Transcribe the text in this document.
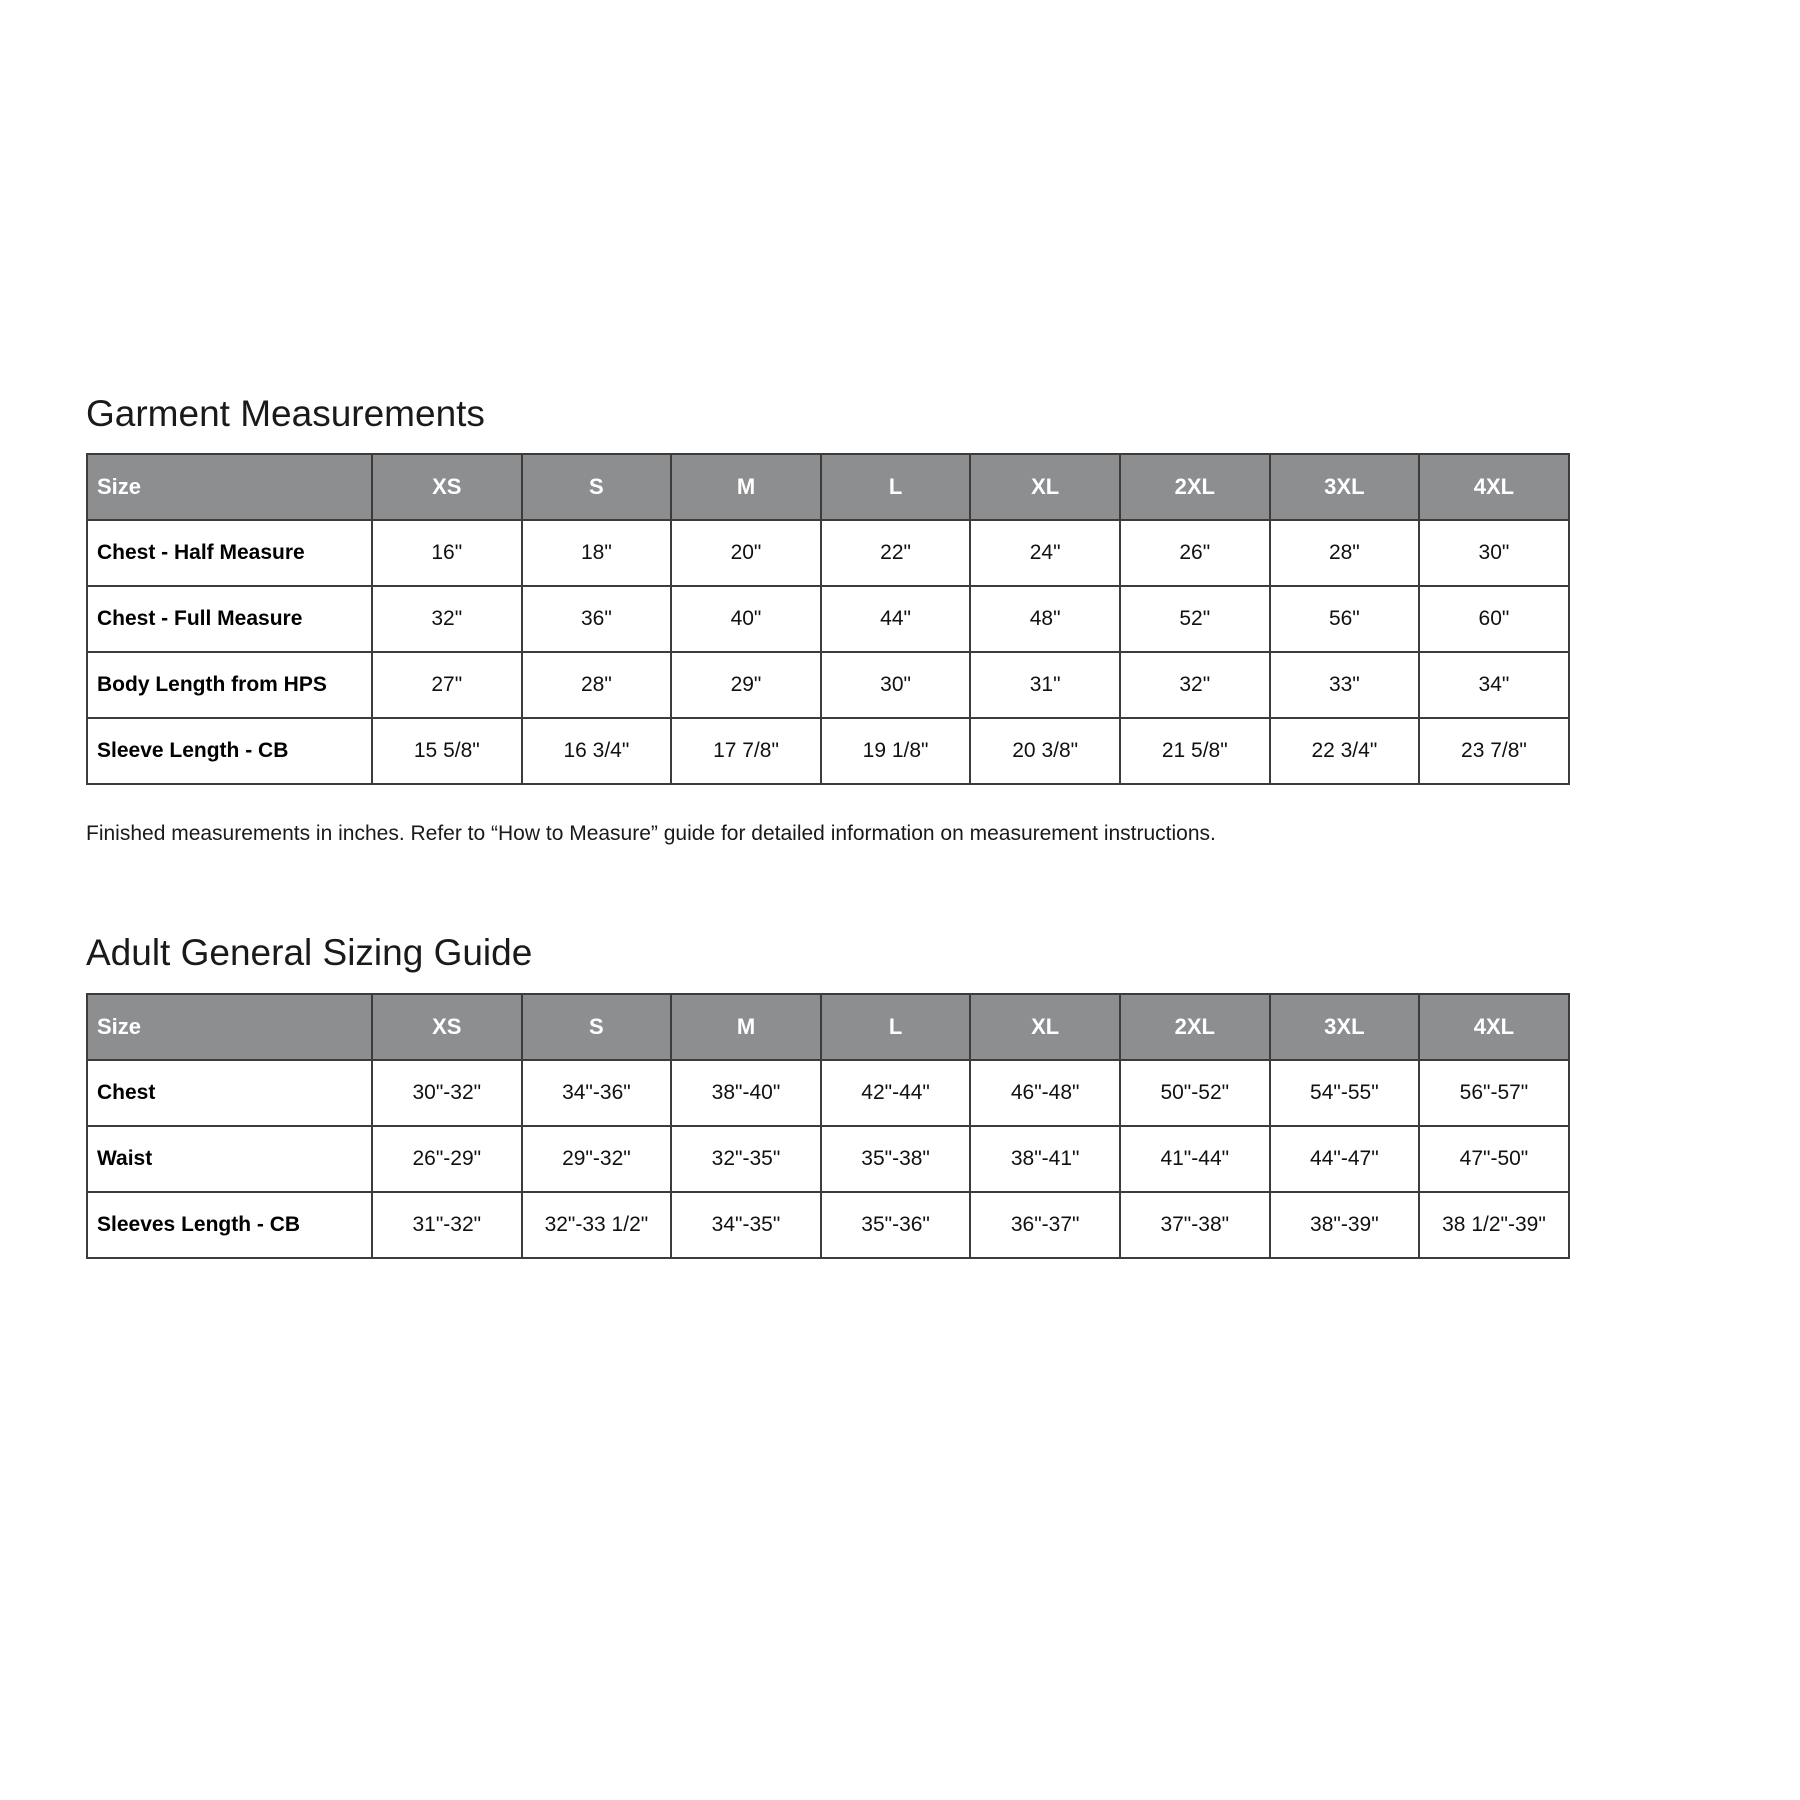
Garment Measurements
Size	XS	S	M	L	XL	2XL	3XL	4XL
Chest - Half Measure	16"	18"	20"	22"	24"	26"	28"	30"
Chest - Full Measure	32"	36"	40"	44"	48"	52"	56"	60"
Body Length from HPS	27"	28"	29"	30"	31"	32"	33"	34"
Sleeve Length - CB	15 5/8"	16 3/4"	17 7/8"	19 1/8"	20 3/8"	21 5/8"	22 3/4"	23 7/8"

Finished measurements in inches. Refer to “How to Measure” guide for detailed information on measurement instructions.

Adult General Sizing Guide
Size	XS	S	M	L	XL	2XL	3XL	4XL
Chest	30"-32"	34"-36"	38"-40"	42"-44"	46"-48"	50"-52"	54"-55"	56"-57"
Waist	26"-29"	29"-32"	32"-35"	35"-38"	38"-41"	41"-44"	44"-47"	47"-50"
Sleeves Length - CB	31"-32"	32"-33 1/2"	34"-35"	35"-36"	36"-37"	37"-38"	38"-39"	38 1/2"-39"
